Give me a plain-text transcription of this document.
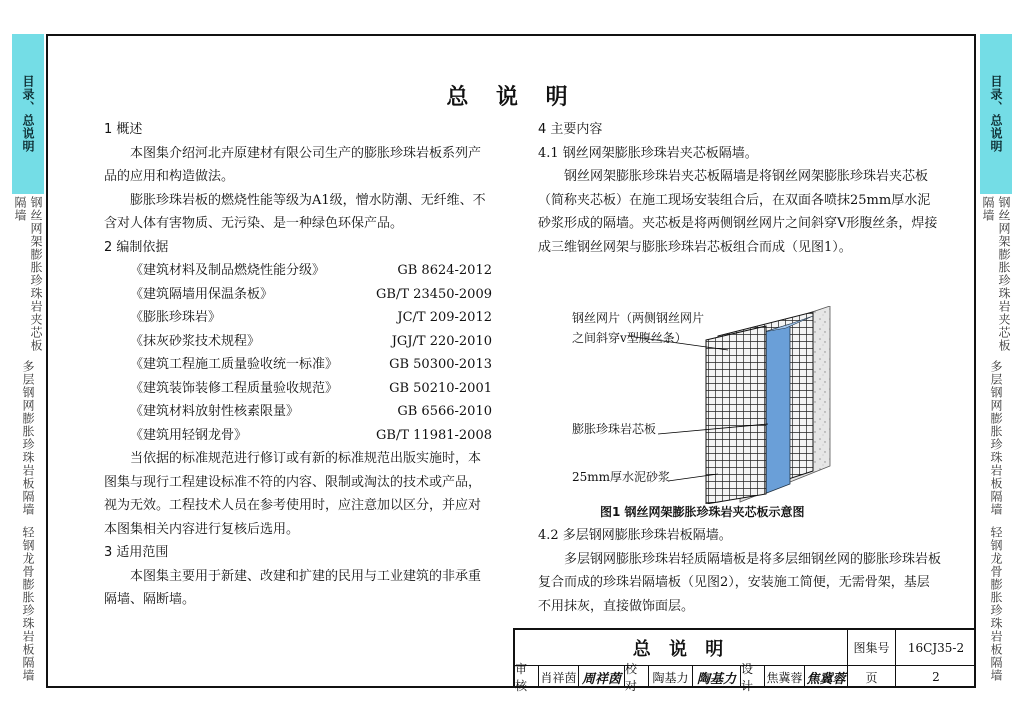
目录、总说明
钢丝网架膨胀珍珠岩夹芯板隔墙
多层钢网膨胀珍珠岩板隔墙
轻钢龙骨膨胀珍珠岩板隔墙
目录、总说明
钢丝网架膨胀珍珠岩夹芯板隔墙
多层钢网膨胀珍珠岩板隔墙
轻钢龙骨膨胀珍珠岩板隔墙
总 说 明
1 概述

本图集介绍河北卉原建材有限公司生产的膨胀珍珠岩板系列产品的应用和构造做法。

膨胀珍珠岩板的燃烧性能等级为A1级，憎水防潮、无纤维、不含对人体有害物质、无污染、是一种绿色环保产品。

2 编制依据
《建筑材料及制品燃烧性能分级》	GB 8624-2012
《建筑隔墙用保温条板》	GB/T 23450-2009
《膨胀珍珠岩》	JC/T 209-2012
《抹灰砂浆技术规程》	JGJ/T 220-2010
《建筑工程施工质量验收统一标准》	GB 50300-2013
《建筑装饰装修工程质量验收规范》	GB 50210-2001
《建筑材料放射性核素限量》	GB 6566-2010
《建筑用轻钢龙骨》	GB/T 11981-2008

当依据的标准规范进行修订或有新的标准规范出版实施时，本图集与现行工程建设标准不符的内容、限制或淘汰的技术或产品，视为无效。工程技术人员在参考使用时，应注意加以区分，并应对本图集相关内容进行复核后选用。

3 适用范围

本图集主要用于新建、改建和扩建的民用与工业建筑的非承重隔墙、隔断墙。

4 主要内容
4.1 钢丝网架膨胀珍珠岩夹芯板隔墙。

钢丝网架膨胀珍珠岩夹芯板隔墙是将钢丝网架膨胀珍珠岩夹芯板（简称夹芯板）在施工现场安装组合后，在双面各喷抹25mm厚水泥砂浆形成的隔墙。夹芯板是将两侧钢丝网片之间斜穿V形腹丝条，焊接成三维钢丝网架与膨胀珍珠岩芯板组合而成（见图1）。

钢丝网片（两侧钢丝网片
之间斜穿v型腹丝条）
膨胀珍珠岩芯板
25mm厚水泥砂浆
图1 钢丝网架膨胀珍珠岩夹芯板示意图
4.2 多层钢网膨胀珍珠岩板隔墙。

多层钢网膨胀珍珠岩轻质隔墙板是将多层细钢丝网的膨胀珍珠岩板复合而成的珍珠岩隔墙板（见图2），安装施工简便，无需骨架，基层不用抹灰，直接做饰面层。

总 说 明	图集号	16CJ35-2
审核
肖祥茵 周祥茵
校对
陶基力 陶基力
设计
焦冀蓉 焦冀蓉	页	2
